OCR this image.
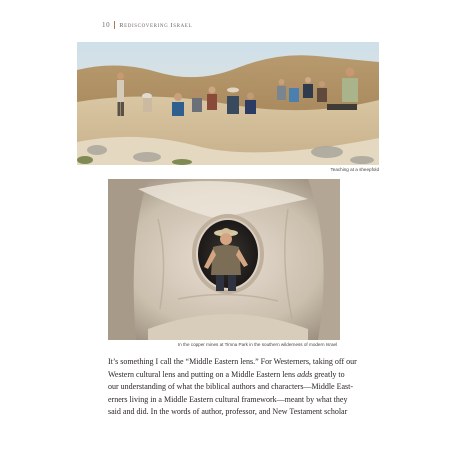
10 Rediscovering Israel
Teaching at a sheepfold
In the copper mines at Timna Park in the southern wilderness of modern Israel

It’s something I call the “Middle Eastern lens.” For Westerners, taking off our
Western cultural lens and putting on a Middle Eastern lens adds greatly to
our understanding of what the biblical authors and characters—Middle East-
erners living in a Middle Eastern cultural framework—meant by what they
said and did. In the words of author, professor, and New Testament scholar
